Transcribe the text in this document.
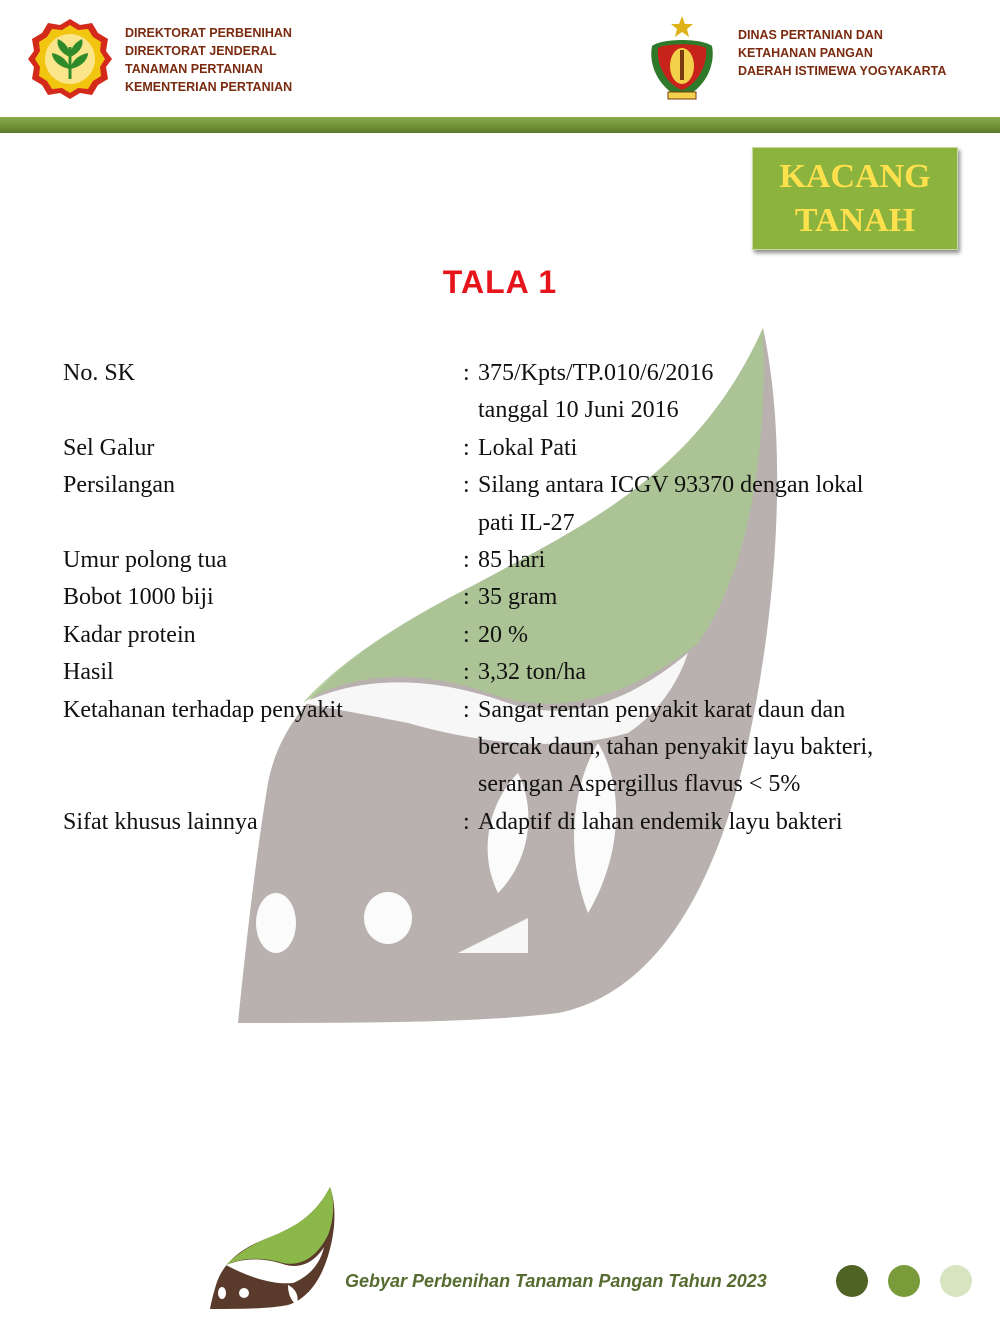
DIREKTORAT PERBENIHAN
DIREKTORAT JENDERAL
TANAMAN PERTANIAN
KEMENTERIAN PERTANIAN
DINAS PERTANIAN DAN
KETAHANAN PANGAN
DAERAH ISTIMEWA YOGYAKARTA
KACANG
TANAH
TALA 1
No. SK	: 375/Kpts/TP.010/6/2016
tanggal 10 Juni 2016
Sel Galur	: Lokal Pati
Persilangan	: Silang antara ICGV 93370 dengan lokal
pati IL-27
Umur polong tua	: 85 hari
Bobot 1000 biji	: 35 gram
Kadar protein	: 20 %
Hasil	: 3,32 ton/ha
Ketahanan terhadap penyakit	: Sangat rentan penyakit karat daun dan
bercak daun, tahan penyakit layu bakteri,
serangan Aspergillus flavus < 5%
Sifat khusus lainnya	: Adaptif di lahan endemik layu bakteri
Gebyar Perbenihan Tanaman Pangan Tahun 2023
